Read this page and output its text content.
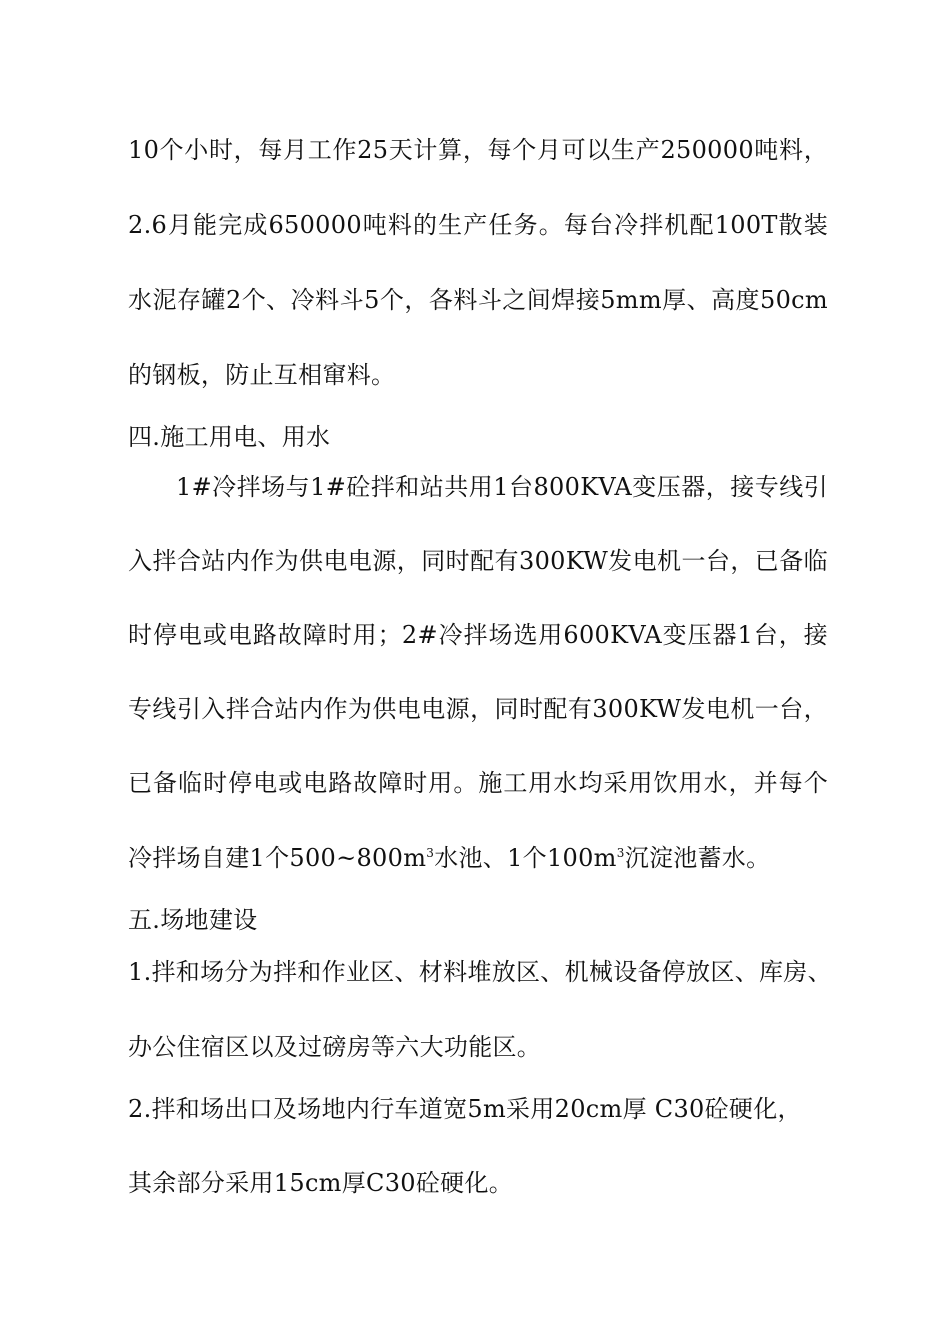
10个小时，每月工作25天计算，每个月可以生产250000吨料，
2.6月能完成650000吨料的生产任务。每台冷拌机配100T散装
水泥存罐2个、冷料斗5个，各料斗之间焊接5mm厚、高度50cm
的钢板，防止互相窜料。
四.施工用电、用水
1#冷拌场与1#砼拌和站共用1台800KVA变压器，接专线引
入拌合站内作为供电电源，同时配有300KW发电机一台，已备临
时停电或电路故障时用；2#冷拌场选用600KVA变压器1台，接
专线引入拌合站内作为供电电源，同时配有300KW发电机一台，
已备临时停电或电路故障时用。施工用水均采用饮用水，并每个
冷拌场自建1个$500\sim 800m^3$水池、1个$100m^3$沉淀池蓄水。
五.场地建设
1.拌和场分为拌和作业区、材料堆放区、机械设备停放区、库房、
办公住宿区以及过磅房等六大功能区。
2.拌和场出口及场地内行车道宽5m采用20cm厚 C30砼硬化，
其余部分采用15cm厚C30砼硬化。
